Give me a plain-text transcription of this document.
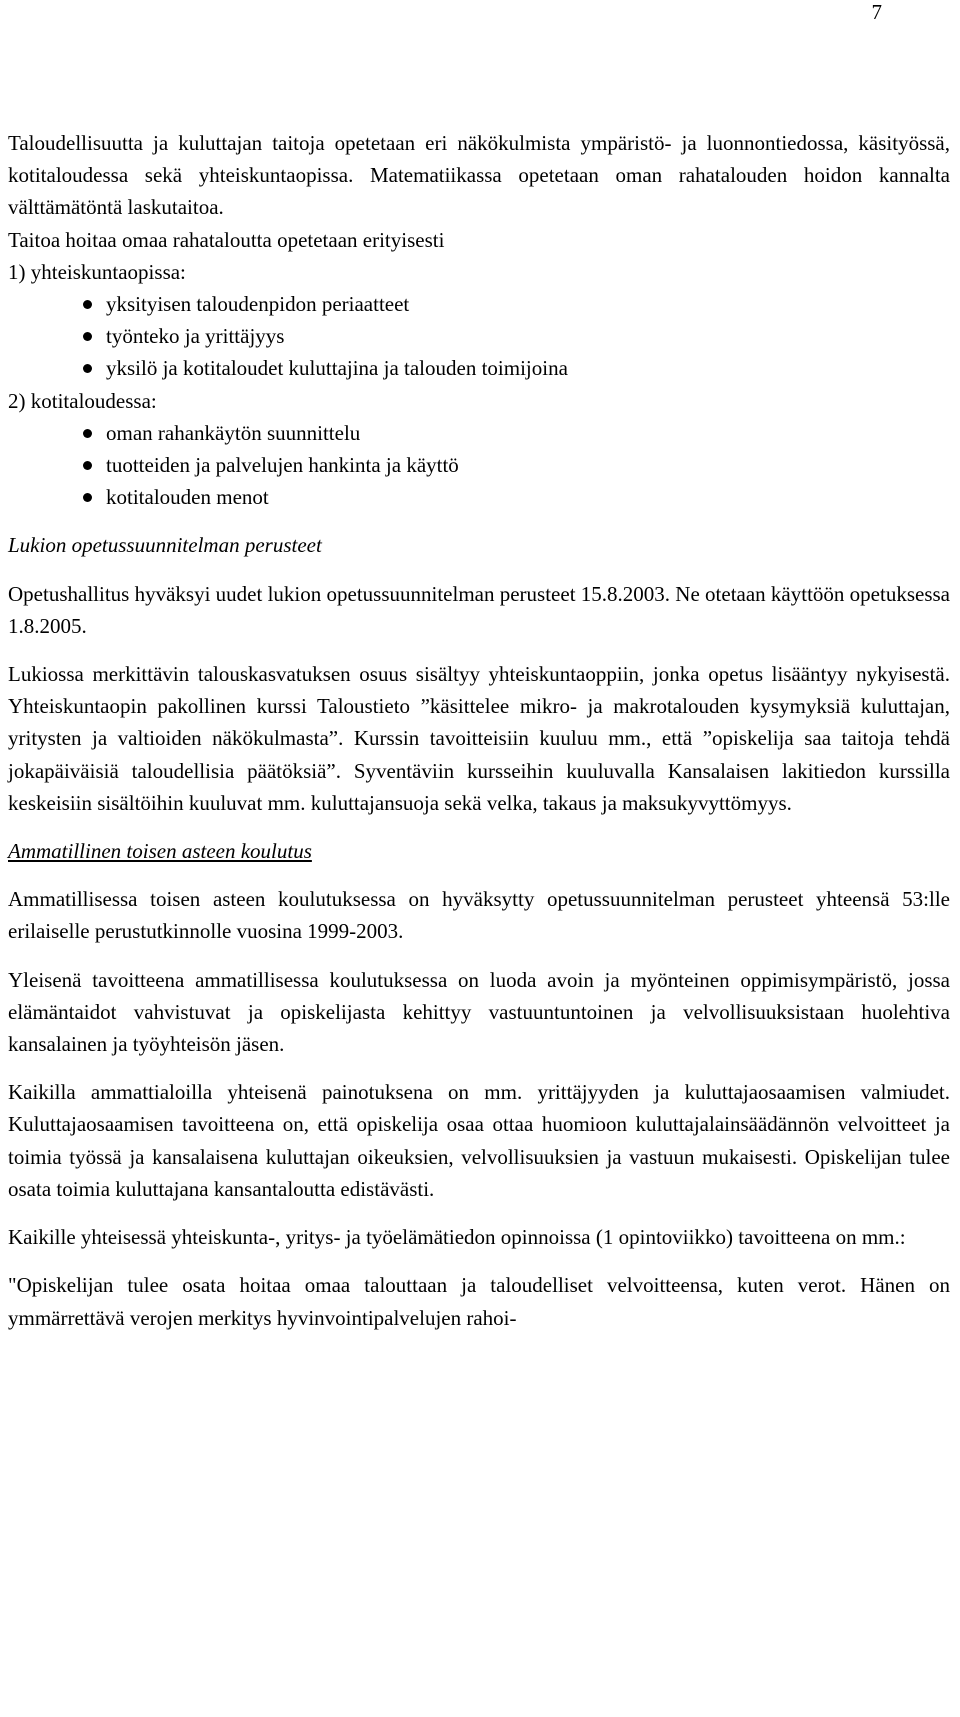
7

Taloudellisuutta ja kuluttajan taitoja opetetaan eri näkökulmista ympäristö- ja luonnontiedossa, käsityössä, kotitaloudessa sekä yhteiskuntaopissa. Matematiikassa opetetaan oman rahatalouden hoidon kannalta välttämätöntä laskutaitoa.

Taitoa hoitaa omaa rahataloutta opetetaan erityisesti

1) yhteiskuntaopissa:

yksityisen taloudenpidon periaatteet
työnteko ja yrittäjyys
yksilö ja kotitaloudet kuluttajina ja talouden toimijoina

2) kotitaloudessa:

oman rahankäytön suunnittelu
tuotteiden ja palvelujen hankinta ja käyttö
kotitalouden menot

Lukion opetussuunnitelman perusteet

Opetushallitus hyväksyi uudet lukion opetussuunnitelman perusteet 15.8.2003. Ne otetaan käyttöön opetuksessa 1.8.2005.

Lukiossa merkittävin talouskasvatuksen osuus sisältyy yhteiskuntaoppiin, jonka opetus lisääntyy nykyisestä. Yhteiskuntaopin pakollinen kurssi Taloustieto ”käsittelee mikro- ja makrotalouden kysymyksiä kuluttajan, yritysten ja valtioiden näkökulmasta”. Kurssin tavoitteisiin kuuluu mm., että ”opiskelija saa taitoja tehdä jokapäiväisiä taloudellisia päätöksiä”. Syventäviin kursseihin kuuluvalla Kansalaisen lakitiedon kurssilla keskeisiin sisältöihin kuuluvat mm. kuluttajansuoja sekä velka, takaus ja maksukyvyttömyys.

Ammatillinen toisen asteen koulutus

Ammatillisessa toisen asteen koulutuksessa on hyväksytty opetussuunnitelman perusteet yhteensä 53:lle erilaiselle perustutkinnolle vuosina 1999-2003.

Yleisenä tavoitteena ammatillisessa koulutuksessa on luoda avoin ja myönteinen oppimisympäristö, jossa elämäntaidot vahvistuvat ja opiskelijasta kehittyy vastuuntuntoinen ja velvollisuuksistaan huolehtiva kansalainen ja työyhteisön jäsen.

Kaikilla ammattialoilla yhteisenä painotuksena on mm. yrittäjyyden ja kuluttajaosaamisen valmiudet. Kuluttajaosaamisen tavoitteena on, että opiskelija osaa ottaa huomioon kuluttajalainsäädännön velvoitteet ja toimia työssä ja kansalaisena kuluttajan oikeuksien, velvollisuuksien ja vastuun mukaisesti. Opiskelijan tulee osata toimia kuluttajana kansantaloutta edistävästi.

Kaikille yhteisessä yhteiskunta-, yritys- ja työelämätiedon opinnoissa (1 opintoviikko) tavoitteena on mm.:

"Opiskelijan tulee osata hoitaa omaa talouttaan ja taloudelliset velvoitteensa, kuten verot. Hänen on ymmärrettävä verojen merkitys hyvinvointipalvelujen rahoi-
